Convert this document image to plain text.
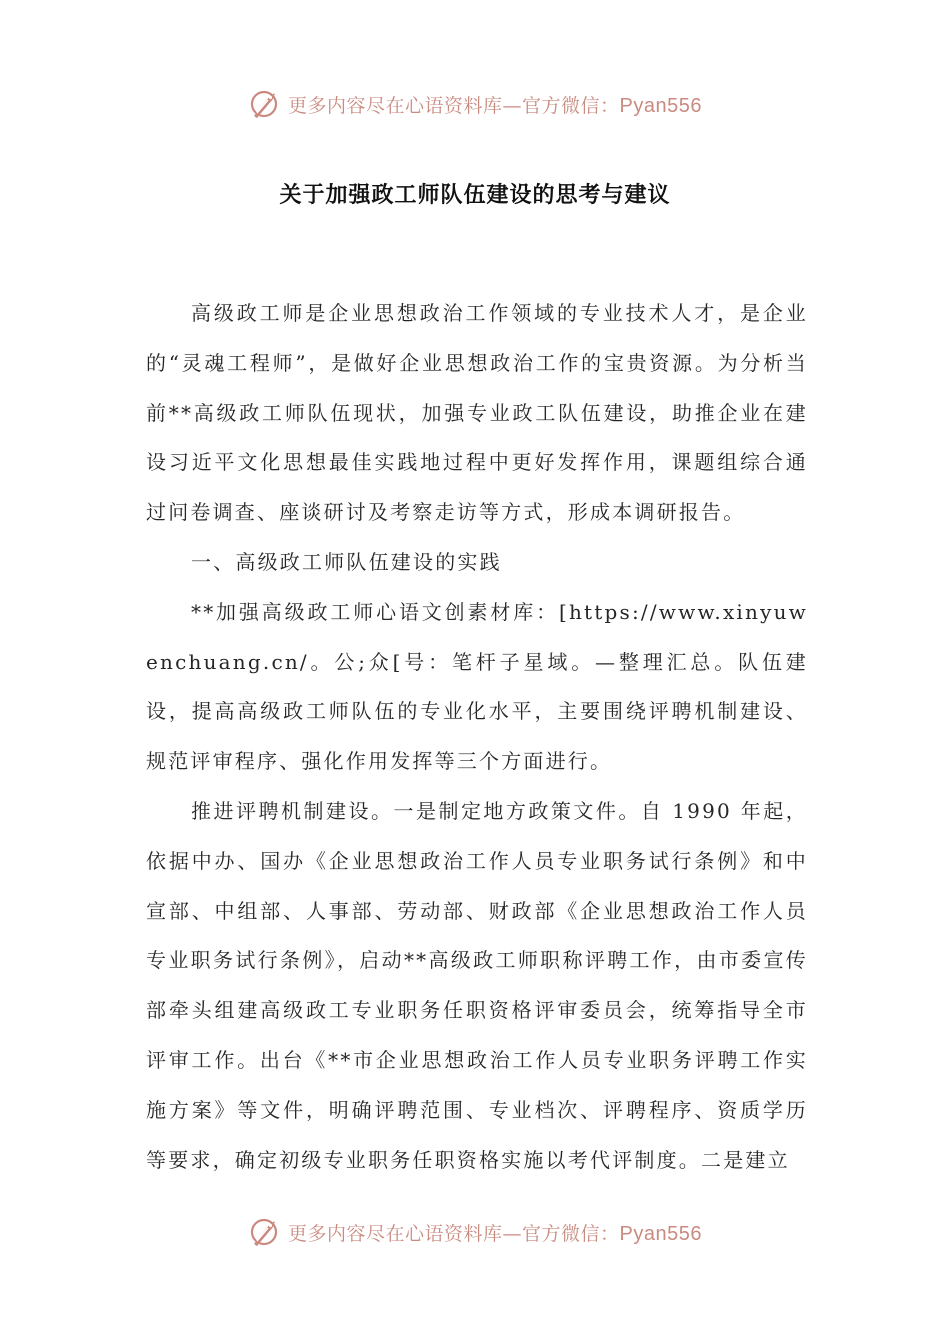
更多内容尽在心语资料库—官方微信：Pyan556
关于加强政工师队伍建设的思考与建议

高级政工师是企业思想政治工作领域的专业技术人才，是企业的“灵魂工程师”，是做好企业思想政治工作的宝贵资源。为分析当前**高级政工师队伍现状，加强专业政工队伍建设，助推企业在建设习近平文化思想最佳实践地过程中更好发挥作用，课题组综合通过问卷调查、座谈研讨及考察走访等方式，形成本调研报告。

一、高级政工师队伍建设的实践

**加强高级政工师心语文创素材库：[https://www.xinyuwenchuang.cn/。公;众[号：笔杆子星域。—整理汇总。队伍建设，提高高级政工师队伍的专业化水平，主要围绕评聘机制建设、规范评审程序、强化作用发挥等三个方面进行。

推进评聘机制建设。一是制定地方政策文件。自 1990 年起，依据中办、国办《企业思想政治工作人员专业职务试行条例》和中宣部、中组部、人事部、劳动部、财政部《企业思想政治工作人员专业职务试行条例》，启动**高级政工师职称评聘工作，由市委宣传部牵头组建高级政工专业职务任职资格评审委员会，统筹指导全市评审工作。出台《**市企业思想政治工作人员专业职务评聘工作实施方案》等文件，明确评聘范围、专业档次、评聘程序、资质学历等要求，确定初级专业职务任职资格实施以考代评制度。二是建立

更多内容尽在心语资料库—官方微信：Pyan556
